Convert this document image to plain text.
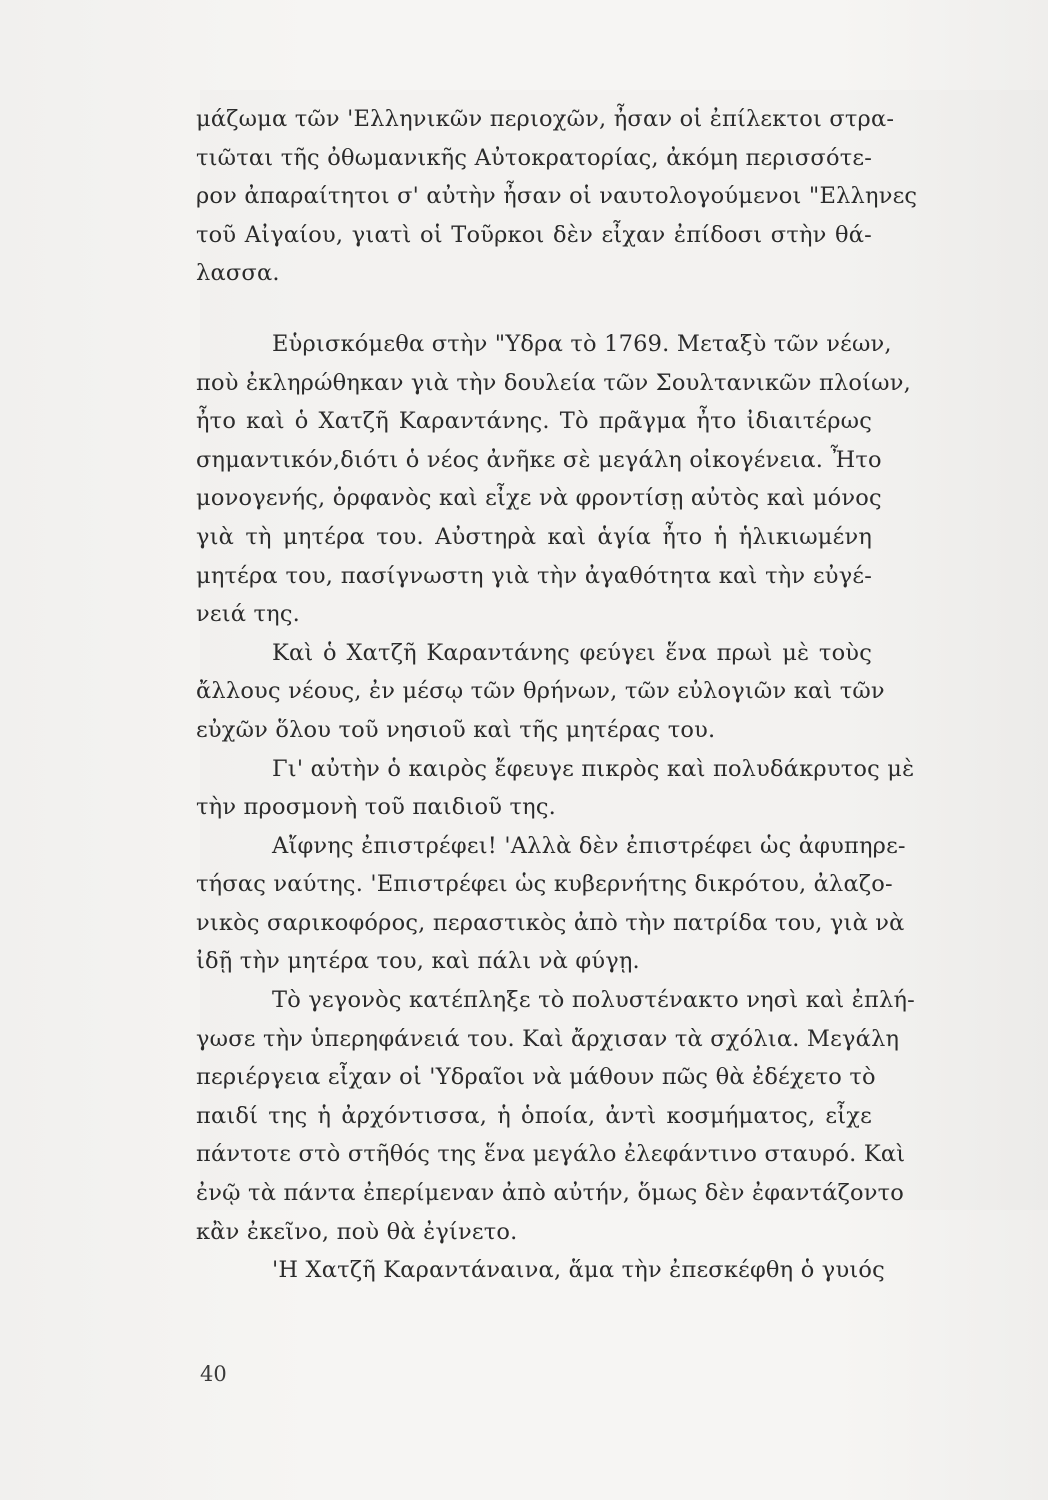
μάζωμα τῶν 'Ελληνικῶν περιοχῶν, ἦσαν οἱ ἐπίλεκτοι στρα-
τιῶται τῆς ὀθωμανικῆς Αὐτοκρατορίας, ἀκόμη περισσότε-
ρον ἀπαραίτητοι σ' αὐτὴν ἦσαν οἱ ναυτολογούμενοι "Ελληνες
τοῦ Αἰγαίου, γιατὶ οἱ Τοῦρκοι δὲν εἶχαν ἐπίδοσι στὴν θά-
λασσα.
Εὑρισκόμεθα στὴν "Υδρα τὸ 1769. Μεταξὺ τῶν νέων,
ποὺ ἐκληρώθηκαν γιὰ τὴν δουλεία τῶν Σουλτανικῶν πλοίων,
ἦτο καὶ ὁ Χατζῆ Καραντάνης. Τὸ πρᾶγμα ἦτο ἰδιαιτέρως
σημαντικόν,διότι ὁ νέος ἀνῆκε σὲ μεγάλη οἰκογένεια. Ἦτο
μονογενής, ὀρφανὸς καὶ εἶχε νὰ φροντίσῃ αὐτὸς καὶ μόνος
γιὰ τὴ μητέρα του. Αὐστηρὰ καὶ ἁγία ἦτο ἡ ἡλικιωμένη
μητέρα του, πασίγνωστη γιὰ τὴν ἀγαθότητα καὶ τὴν εὐγέ-
νειά της.
Καὶ ὁ Χατζῆ Καραντάνης φεύγει ἕνα πρωὶ μὲ τοὺς
ἄλλους νέους, ἐν μέσῳ τῶν θρήνων, τῶν εὐλογιῶν καὶ τῶν
εὐχῶν ὅλου τοῦ νησιοῦ καὶ τῆς μητέρας του.
Γι' αὐτὴν ὁ καιρὸς ἔφευγε πικρὸς καὶ πολυδάκρυτος μὲ
τὴν προσμονὴ τοῦ παιδιοῦ της.
Αἴφνης ἐπιστρέφει! 'Αλλὰ δὲν ἐπιστρέφει ὡς ἀφυπηρε-
τήσας ναύτης. 'Επιστρέφει ὡς κυβερνήτης δικρότου, ἀλαζο-
νικὸς σαρικοφόρος, περαστικὸς ἀπὸ τὴν πατρίδα του, γιὰ νὰ
ἰδῇ τὴν μητέρα του, καὶ πάλι νὰ φύγῃ.
Τὸ γεγονὸς κατέπληξε τὸ πολυστένακτο νησὶ καὶ ἐπλή-
γωσε τὴν ὑπερηφάνειά του. Καὶ ἄρχισαν τὰ σχόλια. Μεγάλη
περιέργεια εἶχαν οἱ 'Υδραῖοι νὰ μάθουν πῶς θὰ ἐδέχετο τὸ
παιδί της ἡ ἀρχόντισσα, ἡ ὁποία, ἀντὶ κοσμήματος, εἶχε
πάντοτε στὸ στῆθός της ἕνα μεγάλο ἐλεφάντινο σταυρό. Καὶ
ἐνῷ τὰ πάντα ἐπερίμεναν ἀπὸ αὐτήν, ὅμως δὲν ἐφαντάζοντο
κἂν ἐκεῖνο, ποὺ θὰ ἐγίνετο.
'Η Χατζῆ Καραντάναινα, ἅμα τὴν ἐπεσκέφθη ὁ γυιός
40
